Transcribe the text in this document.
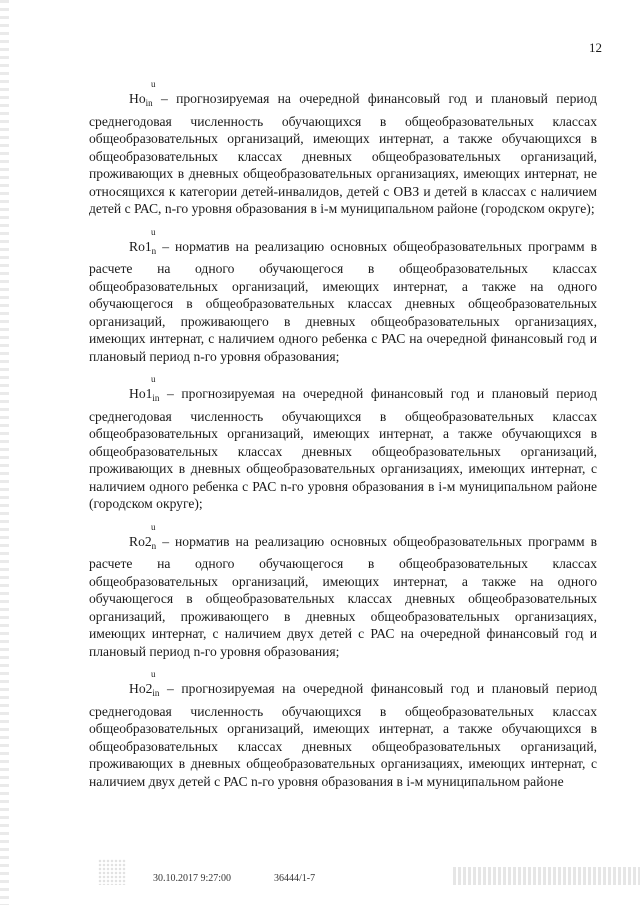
12

u
$Ho_{in}$ – прогнозируемая на очередной финансовый год и плановый период среднегодовая численность обучающихся в общеобразовательных классах общеобразовательных организаций, имеющих интернат, а также обучающихся в общеобразовательных классах дневных общеобразовательных организаций, проживающих в дневных общеобразовательных организациях, имеющих интернат, не относящихся к категории детей-инвалидов, детей с ОВЗ и детей в классах с наличием детей с РАС, n-го уровня образования в i-м муниципальном районе (городском округе);

u
$Ro1_n$ – норматив на реализацию основных общеобразовательных программ в расчете на одного обучающегося в общеобразовательных классах общеобразовательных организаций, имеющих интернат, а также на одного обучающегося в общеобразовательных классах дневных общеобразовательных организаций, проживающего в дневных общеобразовательных организациях, имеющих интернат, с наличием одного ребенка с РАС на очередной финансовый год и плановый период n-го уровня образования;

u
$Ho1_{in}$ – прогнозируемая на очередной финансовый год и плановый период среднегодовая численность обучающихся в общеобразовательных классах общеобразовательных организаций, имеющих интернат, а также обучающихся в общеобразовательных классах дневных общеобразовательных организаций, проживающих в дневных общеобразовательных организациях, имеющих интернат, с наличием одного ребенка с РАС n-го уровня образования в i-м муниципальном районе (городском округе);

u
$Ro2_n$ – норматив на реализацию основных общеобразовательных программ в расчете на одного обучающегося в общеобразовательных классах общеобразовательных организаций, имеющих интернат, а также на одного обучающегося в общеобразовательных классах дневных общеобразовательных организаций, проживающего в дневных общеобразовательных организациях, имеющих интернат, с наличием двух детей с РАС на очередной финансовый год и плановый период n-го уровня образования;

u
$Ho2_{in}$ – прогнозируемая на очередной финансовый год и плановый период среднегодовая численность обучающихся в общеобразовательных классах общеобразовательных организаций, имеющих интернат, а также обучающихся в общеобразовательных классах дневных общеобразовательных организаций, проживающих в дневных общеобразовательных организациях, имеющих интернат, с наличием двух детей с РАС n-го уровня образования в i-м муниципальном районе

30.10.2017 9:27:00	36444/1-7
